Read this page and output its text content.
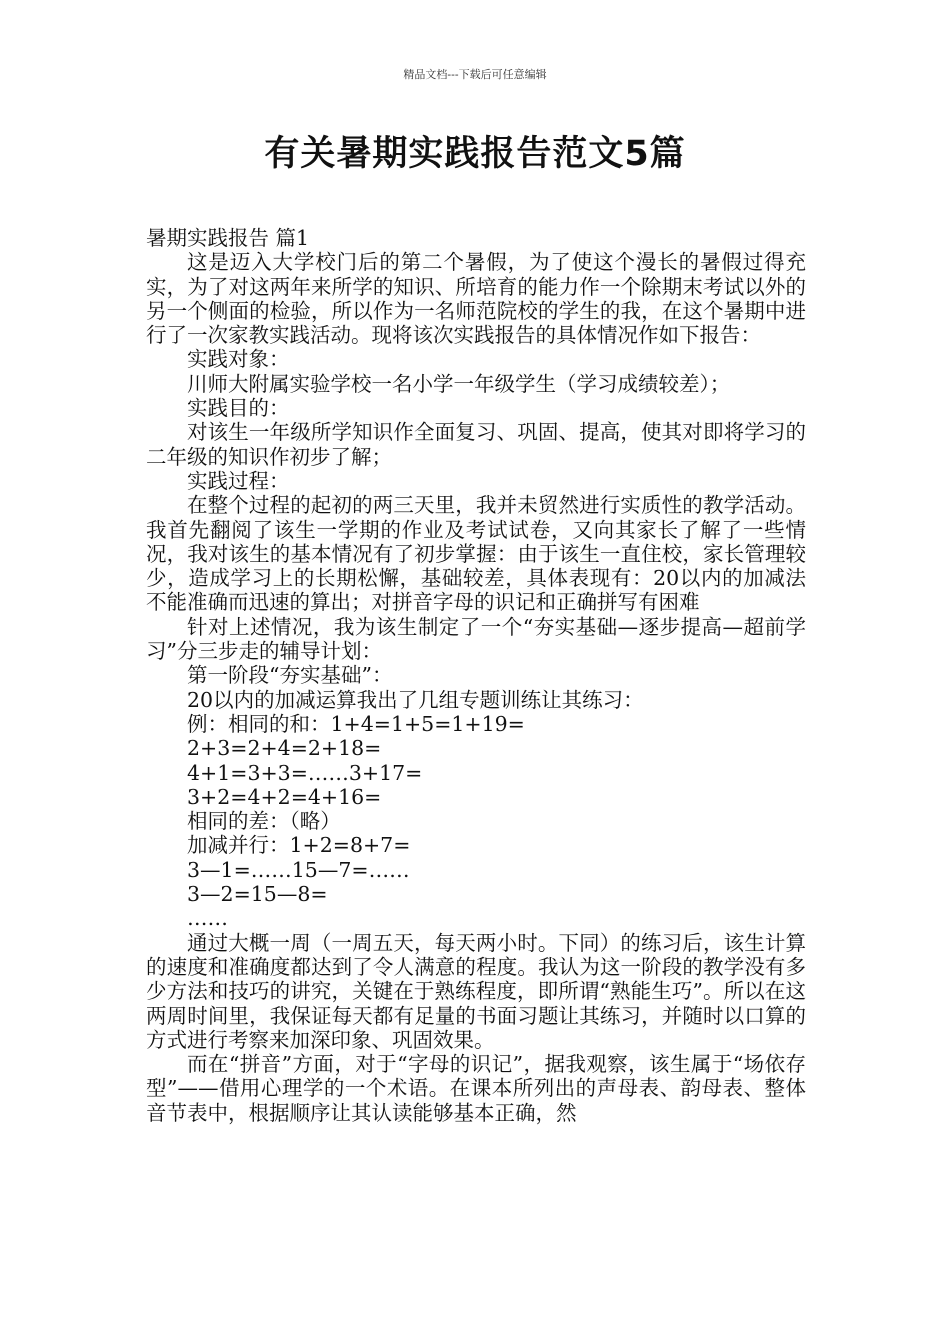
精品文档---下载后可任意编辑
有关暑期实践报告范文5篇

暑期实践报告 篇1

这是迈入大学校门后的第二个暑假，为了使这个漫长的暑假过得充实，为了对这两年来所学的知识、所培育的能力作一个除期末考试以外的另一个侧面的检验，所以作为一名师范院校的学生的我，在这个暑期中进行了一次家教实践活动。现将该次实践报告的具体情况作如下报告：

实践对象：

川师大附属实验学校一名小学一年级学生（学习成绩较差）；

实践目的：

对该生一年级所学知识作全面复习、巩固、提高，使其对即将学习的二年级的知识作初步了解；

实践过程：

在整个过程的起初的两三天里，我并未贸然进行实质性的教学活动。我首先翻阅了该生一学期的作业及考试试卷，又向其家长了解了一些情况，我对该生的基本情况有了初步掌握：由于该生一直住校，家长管理较少，造成学习上的长期松懈，基础较差，具体表现有：20以内的加减法不能准确而迅速的算出；对拼音字母的识记和正确拼写有困难

针对上述情况，我为该生制定了一个“夯实基础—逐步提高—超前学习”分三步走的辅导计划：

第一阶段“夯实基础”：

20以内的加减运算我出了几组专题训练让其练习：

例：相同的和：1+4=1+5=1+19=

2+3=2+4=2+18=

4+1=3+3=……3+17=

3+2=4+2=4+16=

相同的差：（略）

加减并行：1+2=8+7=

3—1=……15—7=……

3—2=15—8=

……

通过大概一周（一周五天，每天两小时。下同）的练习后，该生计算的速度和准确度都达到了令人满意的程度。我认为这一阶段的教学没有多少方法和技巧的讲究，关键在于熟练程度，即所谓“熟能生巧”。所以在这两周时间里，我保证每天都有足量的书面习题让其练习，并随时以口算的方式进行考察来加深印象、巩固效果。

而在“拼音”方面，对于“字母的识记”，据我观察，该生属于“场依存型”——借用心理学的一个术语。在课本所列出的声母表、韵母表、整体音节表中，根据顺序让其认读能够基本正确，然
